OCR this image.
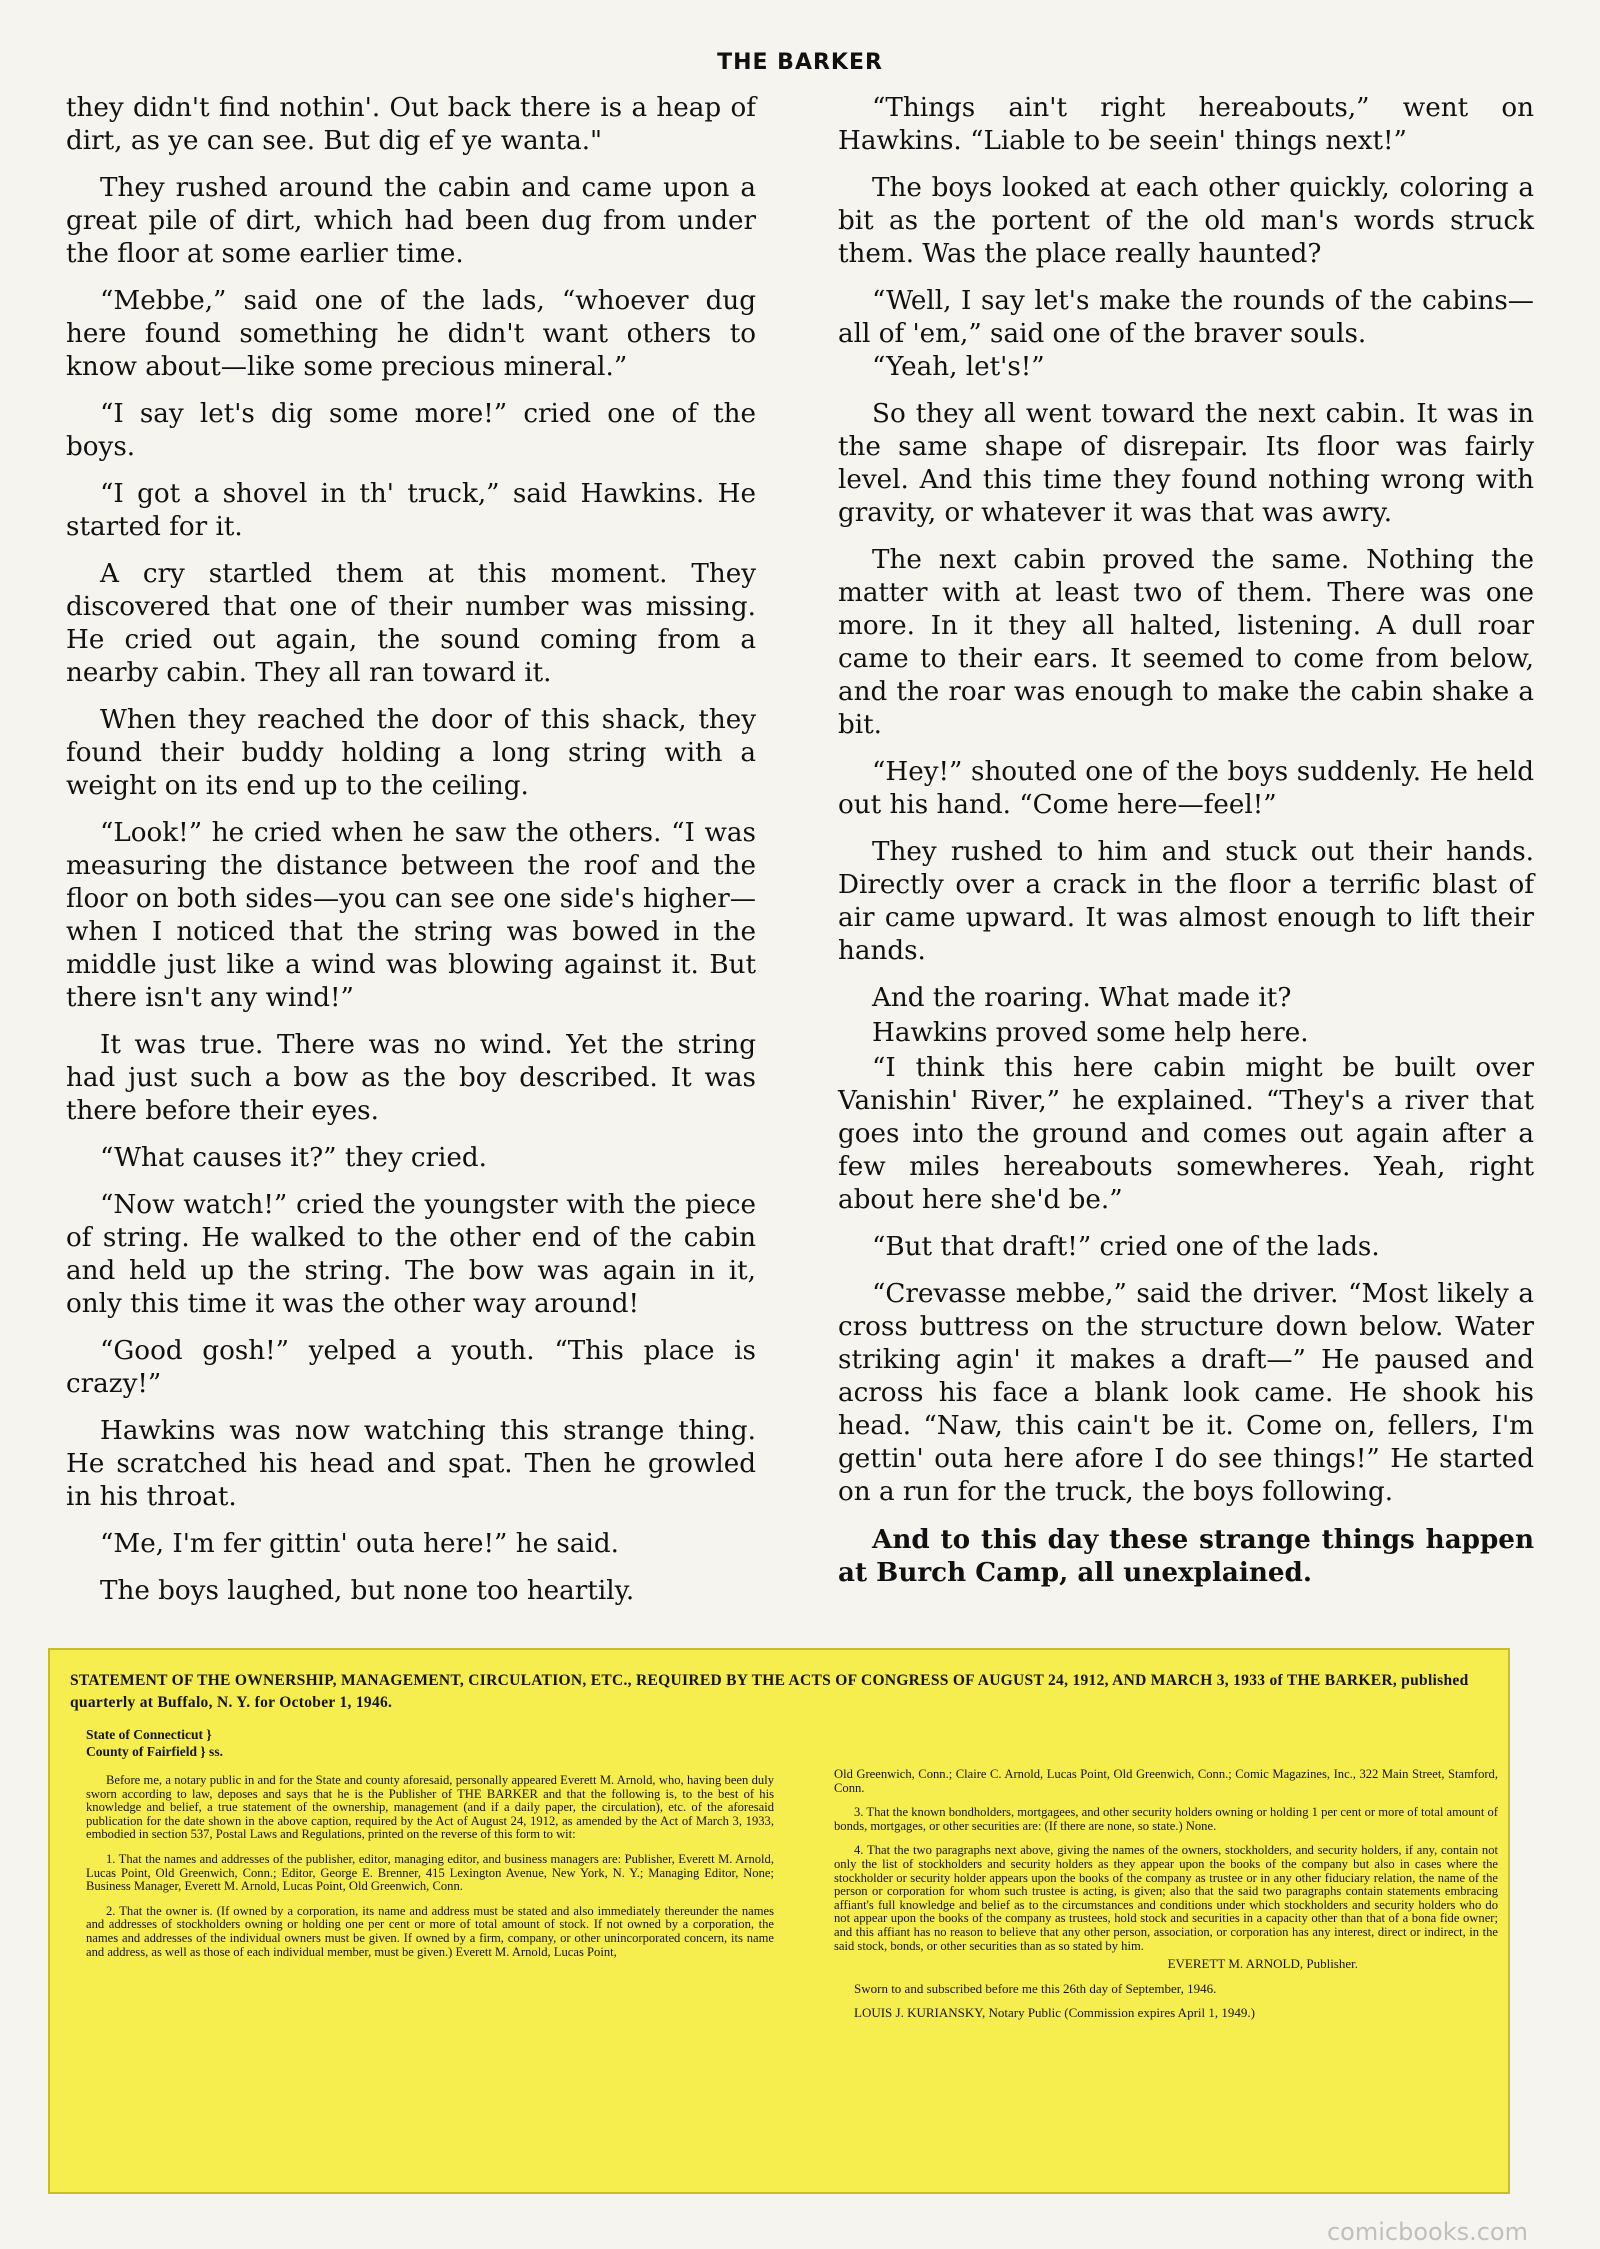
THE BARKER

they didn't find nothin'. Out back there is a heap of dirt, as ye can see. But dig ef ye wanta."

They rushed around the cabin and came upon a great pile of dirt, which had been dug from under the floor at some earlier time.

“Mebbe,” said one of the lads, “whoever dug here found something he didn't want others to know about—like some precious mineral.”

“I say let's dig some more!” cried one of the boys.

“I got a shovel in th' truck,” said Hawkins. He started for it.

A cry startled them at this moment. They discovered that one of their number was missing. He cried out again, the sound coming from a nearby cabin. They all ran toward it.

When they reached the door of this shack, they found their buddy holding a long string with a weight on its end up to the ceiling.

“Look!” he cried when he saw the others. “I was measuring the distance between the roof and the floor on both sides—you can see one side's higher—when I noticed that the string was bowed in the middle just like a wind was blowing against it. But there isn't any wind!”

It was true. There was no wind. Yet the string had just such a bow as the boy described. It was there before their eyes.

“What causes it?” they cried.

“Now watch!” cried the youngster with the piece of string. He walked to the other end of the cabin and held up the string. The bow was again in it, only this time it was the other way around!

“Good gosh!” yelped a youth. “This place is crazy!”

Hawkins was now watching this strange thing. He scratched his head and spat. Then he growled in his throat.

“Me, I'm fer gittin' outa here!” he said.

The boys laughed, but none too heartily.

“Things ain't right hereabouts,” went on Hawkins. “Liable to be seein' things next!”

The boys looked at each other quickly, coloring a bit as the portent of the old man's words struck them. Was the place really haunted?

“Well, I say let's make the rounds of the cabins—all of 'em,” said one of the braver souls.

“Yeah, let's!”

So they all went toward the next cabin. It was in the same shape of disrepair. Its floor was fairly level. And this time they found nothing wrong with gravity, or whatever it was that was awry.

The next cabin proved the same. Nothing the matter with at least two of them. There was one more. In it they all halted, listening. A dull roar came to their ears. It seemed to come from below, and the roar was enough to make the cabin shake a bit.

“Hey!” shouted one of the boys suddenly. He held out his hand. “Come here—feel!”

They rushed to him and stuck out their hands. Directly over a crack in the floor a terrific blast of air came upward. It was almost enough to lift their hands.

And the roaring. What made it?

Hawkins proved some help here.

“I think this here cabin might be built over Vanishin' River,” he explained. “They's a river that goes into the ground and comes out again after a few miles hereabouts somewheres. Yeah, right about here she'd be.”

“But that draft!” cried one of the lads.

“Crevasse mebbe,” said the driver. “Most likely a cross buttress on the structure down below. Water striking agin' it makes a draft—” He paused and across his face a blank look came. He shook his head. “Naw, this cain't be it. Come on, fellers, I'm gettin' outa here afore I do see things!” He started on a run for the truck, the boys following.

And to this day these strange things happen at Burch Camp, all unexplained.

STATEMENT OF THE OWNERSHIP, MANAGEMENT, CIRCULATION, ETC., REQUIRED BY THE ACTS OF CONGRESS OF AUGUST 24, 1912, AND MARCH 3, 1933 of THE BARKER, published quarterly at Buffalo, N. Y. for October 1, 1946.
State of Connecticut }
County of Fairfield } ss.

Before me, a notary public in and for the State and county aforesaid, personally appeared Everett M. Arnold, who, having been duly sworn according to law, deposes and says that he is the Publisher of THE BARKER and that the following is, to the best of his knowledge and belief, a true statement of the ownership, management (and if a daily paper, the circulation), etc. of the aforesaid publication for the date shown in the above caption, required by the Act of August 24, 1912, as amended by the Act of March 3, 1933, embodied in section 537, Postal Laws and Regulations, printed on the reverse of this form to wit:

1. That the names and addresses of the publisher, editor, managing editor, and business managers are: Publisher, Everett M. Arnold, Lucas Point, Old Greenwich, Conn.; Editor, George E. Brenner, 415 Lexington Avenue, New York, N. Y.; Managing Editor, None; Business Manager, Everett M. Arnold, Lucas Point, Old Greenwich, Conn.

2. That the owner is. (If owned by a corporation, its name and address must be stated and also immediately thereunder the names and addresses of stockholders owning or holding one per cent or more of total amount of stock. If not owned by a corporation, the names and addresses of the individual owners must be given. If owned by a firm, company, or other unincorporated concern, its name and address, as well as those of each individual member, must be given.) Everett M. Arnold, Lucas Point,

Old Greenwich, Conn.; Claire C. Arnold, Lucas Point, Old Greenwich, Conn.; Comic Magazines, Inc., 322 Main Street, Stamford, Conn.

3. That the known bondholders, mortgagees, and other security holders owning or holding 1 per cent or more of total amount of bonds, mortgages, or other securities are: (If there are none, so state.) None.

4. That the two paragraphs next above, giving the names of the owners, stockholders, and security holders, if any, contain not only the list of stockholders and security holders as they appear upon the books of the company but also in cases where the stockholder or security holder appears upon the books of the company as trustee or in any other fiduciary relation, the name of the person or corporation for whom such trustee is acting, is given; also that the said two paragraphs contain statements embracing affiant's full knowledge and belief as to the circumstances and conditions under which stockholders and security holders who do not appear upon the books of the company as trustees, hold stock and securities in a capacity other than that of a bona fide owner; and this affiant has no reason to believe that any other person, association, or corporation has any interest, direct or indirect, in the said stock, bonds, or other securities than as so stated by him.

EVERETT M. ARNOLD, Publisher.

Sworn to and subscribed before me this 26th day of September, 1946.

LOUIS J. KURIANSKY, Notary Public (Commission expires April 1, 1949.)

comicbooks.com
